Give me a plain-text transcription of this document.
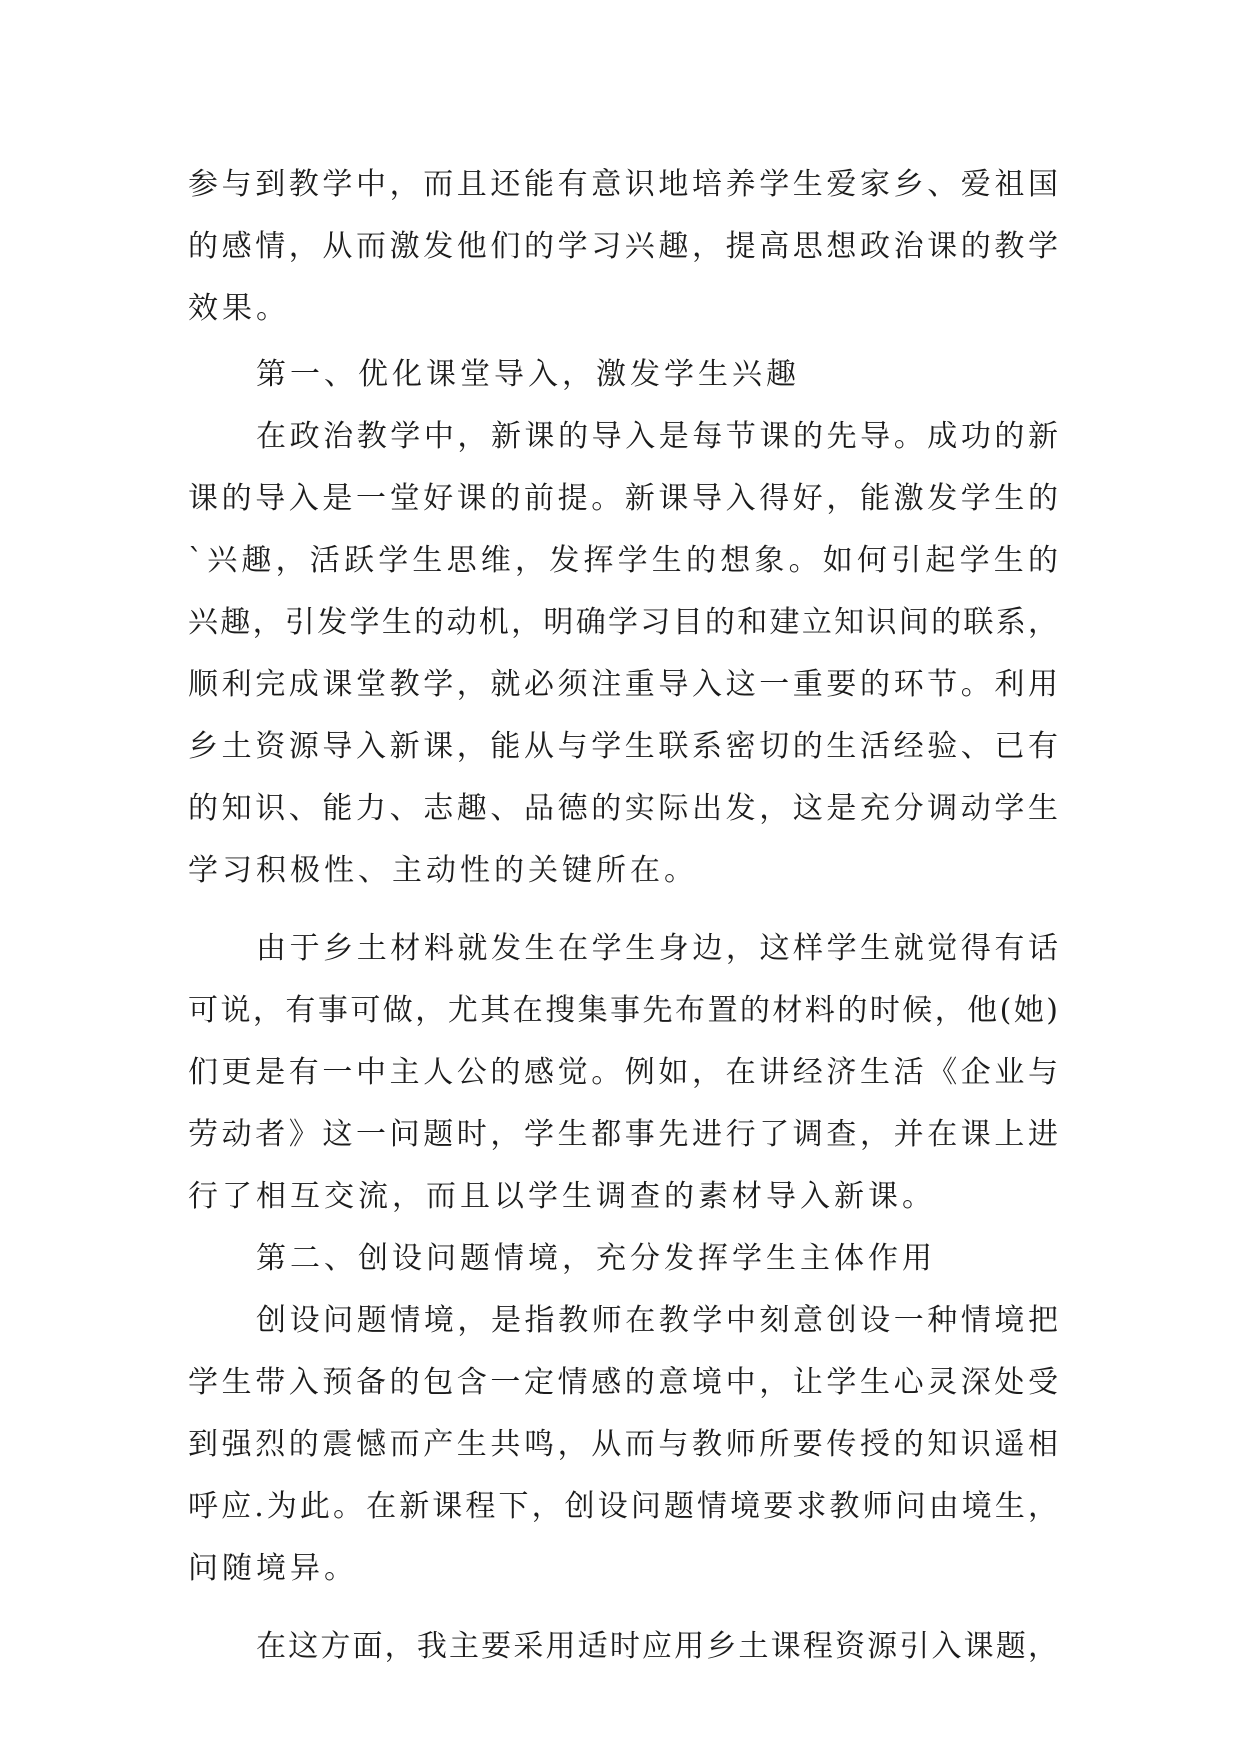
参与到教学中，而且还能有意识地培养学生爱家乡、爱祖国
的感情，从而激发他们的学习兴趣，提高思想政治课的教学
效果。
第一、优化课堂导入，激发学生兴趣
在政治教学中，新课的导入是每节课的先导。成功的新
课的导入是一堂好课的前提。新课导入得好，能激发学生的
`兴趣，活跃学生思维，发挥学生的想象。如何引起学生的
兴趣，引发学生的动机，明确学习目的和建立知识间的联系，
顺利完成课堂教学，就必须注重导入这一重要的环节。利用
乡土资源导入新课，能从与学生联系密切的生活经验、已有
的知识、能力、志趣、品德的实际出发，这是充分调动学生
学习积极性、主动性的关键所在。
由于乡土材料就发生在学生身边，这样学生就觉得有话
可说，有事可做，尤其在搜集事先布置的材料的时候，他(她)
们更是有一中主人公的感觉。例如，在讲经济生活《企业与
劳动者》这一问题时，学生都事先进行了调查，并在课上进
行了相互交流，而且以学生调查的素材导入新课。
第二、创设问题情境，充分发挥学生主体作用
创设问题情境，是指教师在教学中刻意创设一种情境把
学生带入预备的包含一定情感的意境中，让学生心灵深处受
到强烈的震憾而产生共鸣，从而与教师所要传授的知识遥相
呼应.为此。在新课程下，创设问题情境要求教师问由境生，
问随境异。
在这方面，我主要采用适时应用乡土课程资源引入课题，
